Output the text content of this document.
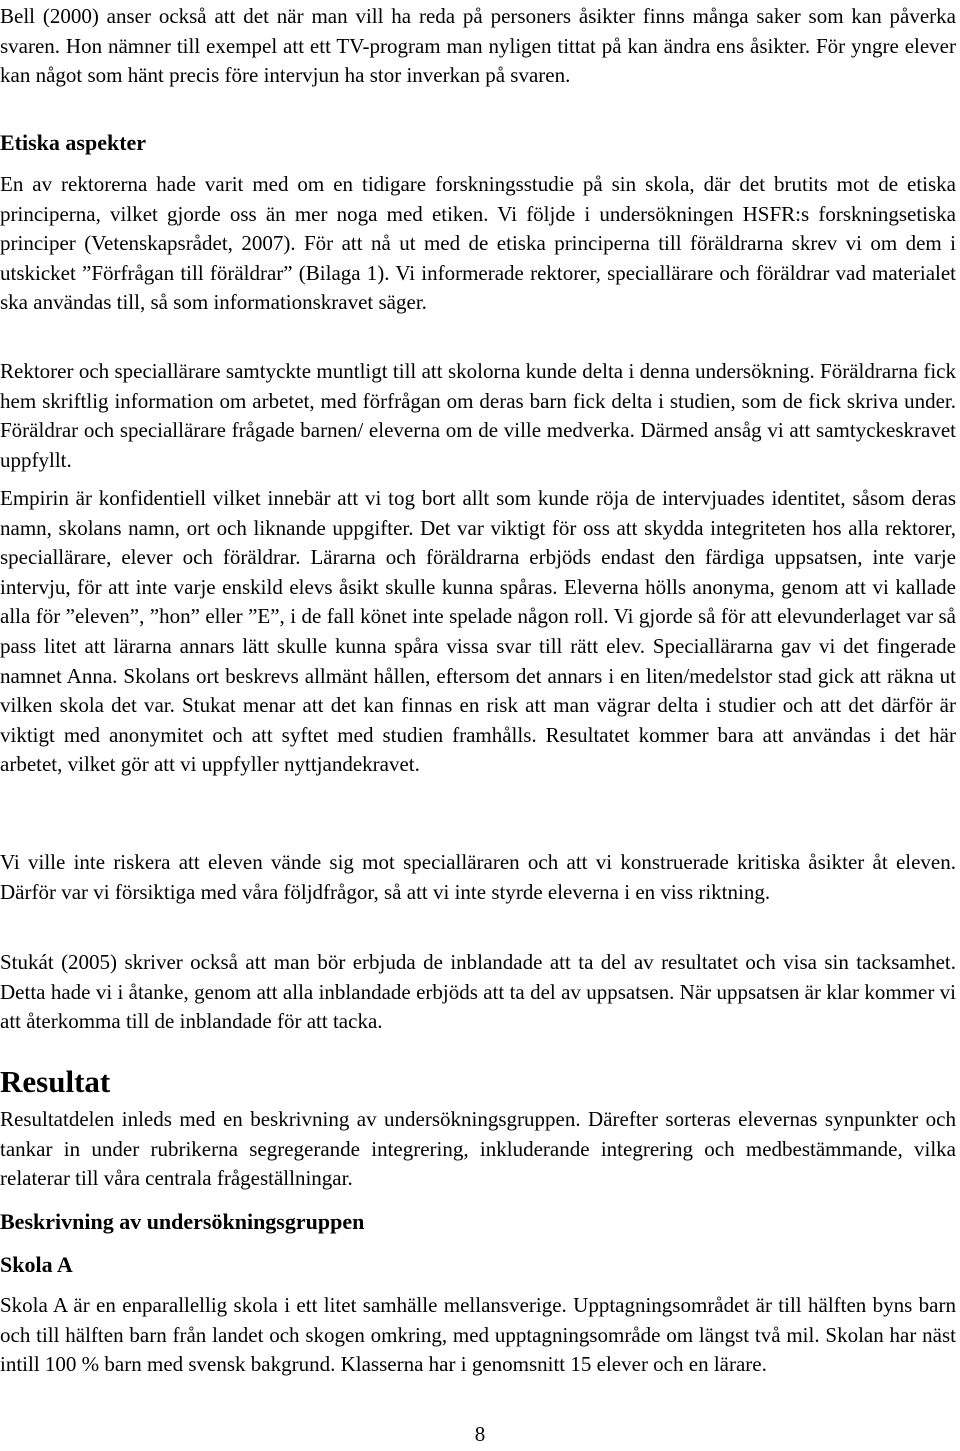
Bell (2000) anser också att det när man vill ha reda på personers åsikter finns många saker som kan påverka svaren. Hon nämner till exempel att ett TV-program man nyligen tittat på kan ändra ens åsikter. För yngre elever kan något som hänt precis före intervjun ha stor inverkan på svaren.

Etiska aspekter

En av rektorerna hade varit med om en tidigare forskningsstudie på sin skola, där det brutits mot de etiska principerna, vilket gjorde oss än mer noga med etiken. Vi följde i undersökningen HSFR:s forskningsetiska principer (Vetenskapsrådet, 2007). För att nå ut med de etiska principerna till föräldrarna skrev vi om dem i utskicket ”Förfrågan till föräldrar” (Bilaga 1). Vi informerade rektorer, speciallärare och föräldrar vad materialet ska användas till, så som informationskravet säger.

Rektorer och speciallärare samtyckte muntligt till att skolorna kunde delta i denna undersökning. Föräldrarna fick hem skriftlig information om arbetet, med förfrågan om deras barn fick delta i studien, som de fick skriva under. Föräldrar och speciallärare frågade barnen/ eleverna om de ville medverka. Därmed ansåg vi att samtyckeskravet uppfyllt.

Empirin är konfidentiell vilket innebär att vi tog bort allt som kunde röja de intervjuades identitet, såsom deras namn, skolans namn, ort och liknande uppgifter. Det var viktigt för oss att skydda integriteten hos alla rektorer, speciallärare, elever och föräldrar. Lärarna och föräldrarna erbjöds endast den färdiga uppsatsen, inte varje intervju, för att inte varje enskild elevs åsikt skulle kunna spåras. Eleverna hölls anonyma, genom att vi kallade alla för ”eleven”, ”hon” eller ”E”, i de fall könet inte spelade någon roll. Vi gjorde så för att elevunderlaget var så pass litet att lärarna annars lätt skulle kunna spåra vissa svar till rätt elev. Speciallärarna gav vi det fingerade namnet Anna. Skolans ort beskrevs allmänt hållen, eftersom det annars i en liten/medelstor stad gick att räkna ut vilken skola det var. Stukat menar att det kan finnas en risk att man vägrar delta i studier och att det därför är viktigt med anonymitet och att syftet med studien framhålls. Resultatet kommer bara att användas i det här arbetet, vilket gör att vi uppfyller nyttjandekravet.

Vi ville inte riskera att eleven vände sig mot specialläraren och att vi konstruerade kritiska åsikter åt eleven. Därför var vi försiktiga med våra följdfrågor, så att vi inte styrde eleverna i en viss riktning.

Stukát (2005) skriver också att man bör erbjuda de inblandade att ta del av resultatet och visa sin tacksamhet. Detta hade vi i åtanke, genom att alla inblandade erbjöds att ta del av uppsatsen. När uppsatsen är klar kommer vi att återkomma till de inblandade för att tacka.

Resultat

Resultatdelen inleds med en beskrivning av undersökningsgruppen. Därefter sorteras elevernas synpunkter och tankar in under rubrikerna segregerande integrering, inkluderande integrering och medbestämmande, vilka relaterar till våra centrala frågeställningar.

Beskrivning av undersökningsgruppen
Skola A

Skola A är en enparallellig skola i ett litet samhälle mellansverige. Upptagningsområdet är till hälften byns barn och till hälften barn från landet och skogen omkring, med upptagningsområde om längst två mil. Skolan har näst intill 100 % barn med svensk bakgrund. Klasserna har i genomsnitt 15 elever och en lärare.

8
